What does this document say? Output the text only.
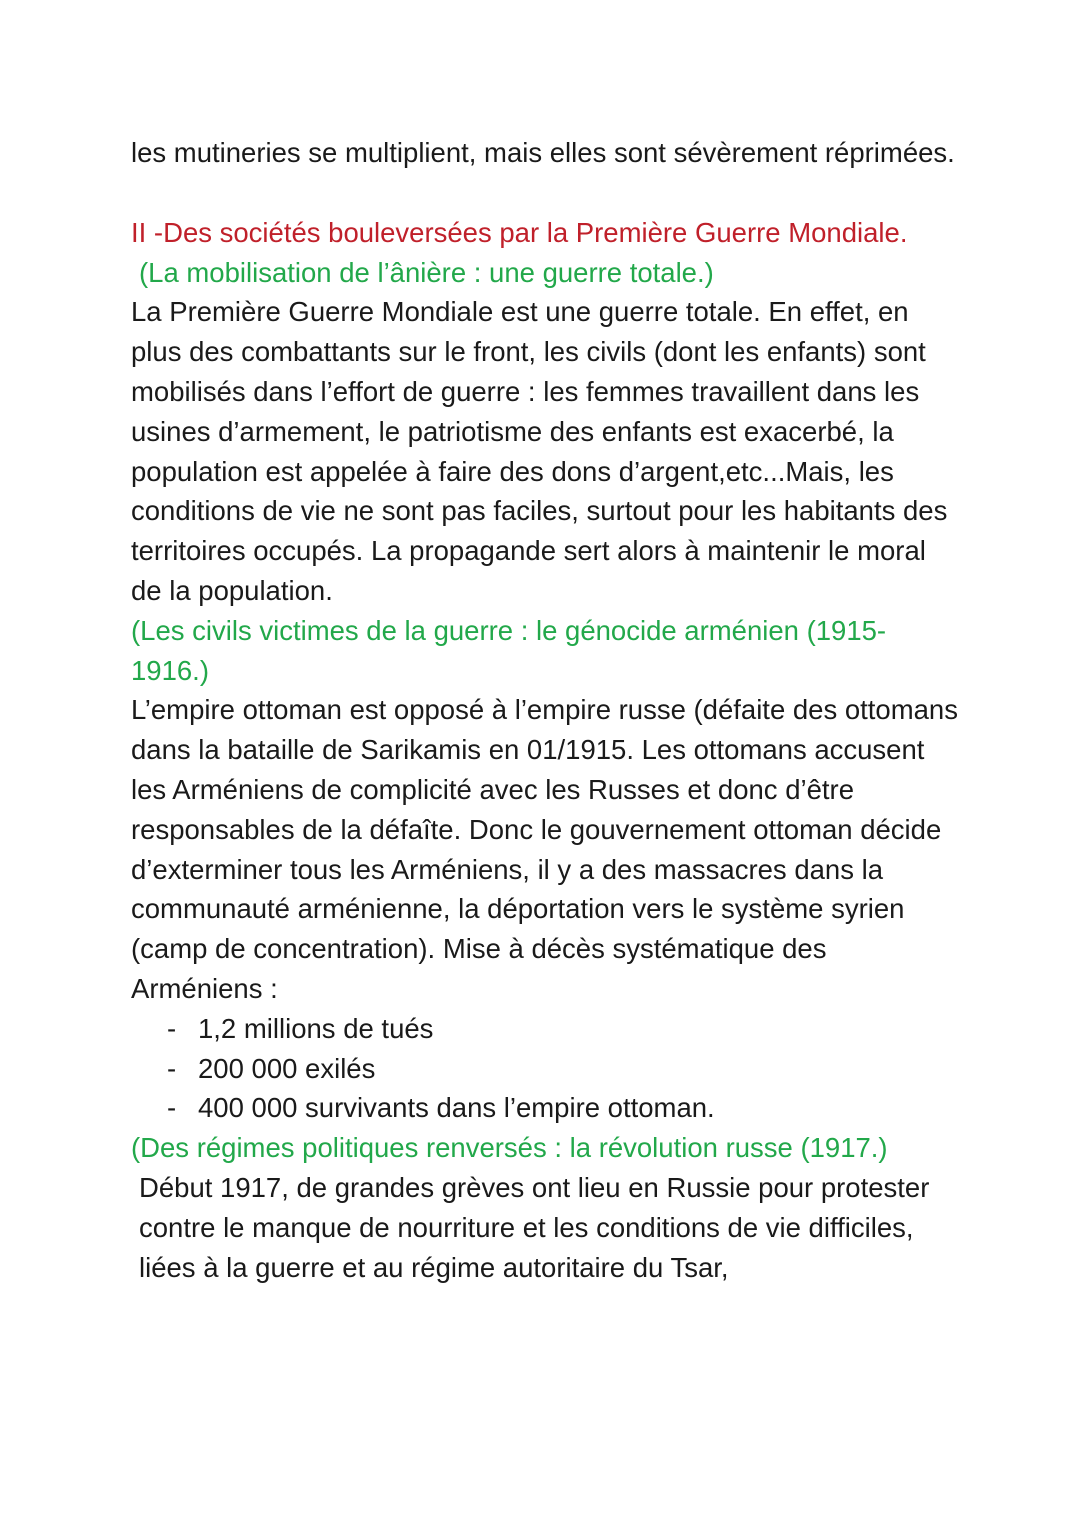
les mutineries se multiplient, mais elles sont sévèrement réprimées.

II -Des sociétés bouleversées par la Première Guerre Mondiale.

(La mobilisation de l’ânière : une guerre totale.)

La Première Guerre Mondiale est une guerre totale. En effet, en plus des combattants sur le front, les civils (dont les enfants) sont mobilisés dans l’effort de guerre : les femmes travaillent dans les usines d’armement, le patriotisme des enfants est exacerbé, la population est appelée à faire des dons d’argent,etc...Mais, les conditions de vie ne sont pas faciles, surtout pour les habitants des territoires occupés. La propagande sert alors à maintenir le moral de la population.

(Les civils victimes de la guerre : le génocide arménien (1915-1916.)

L’empire ottoman est opposé à l’empire russe (défaite des ottomans dans la bataille de Sarikamis en 01/1915. Les ottomans accusent les Arméniens de complicité avec les Russes et donc d’être responsables de la défaîte. Donc le gouvernement ottoman décide d’exterminer tous les Arméniens, il y a des massacres dans la communauté arménienne, la déportation vers le système syrien (camp de concentration). Mise à décès systématique des Arméniens :

- 1,2 millions de tués
- 200 000 exilés
- 400 000 survivants dans l’empire ottoman.

(Des régimes politiques renversés : la révolution russe (1917.)

Début 1917, de grandes grèves ont lieu en Russie pour protester contre le manque de nourriture et les conditions de vie difficiles, liées à la guerre et au régime autoritaire du Tsar,
